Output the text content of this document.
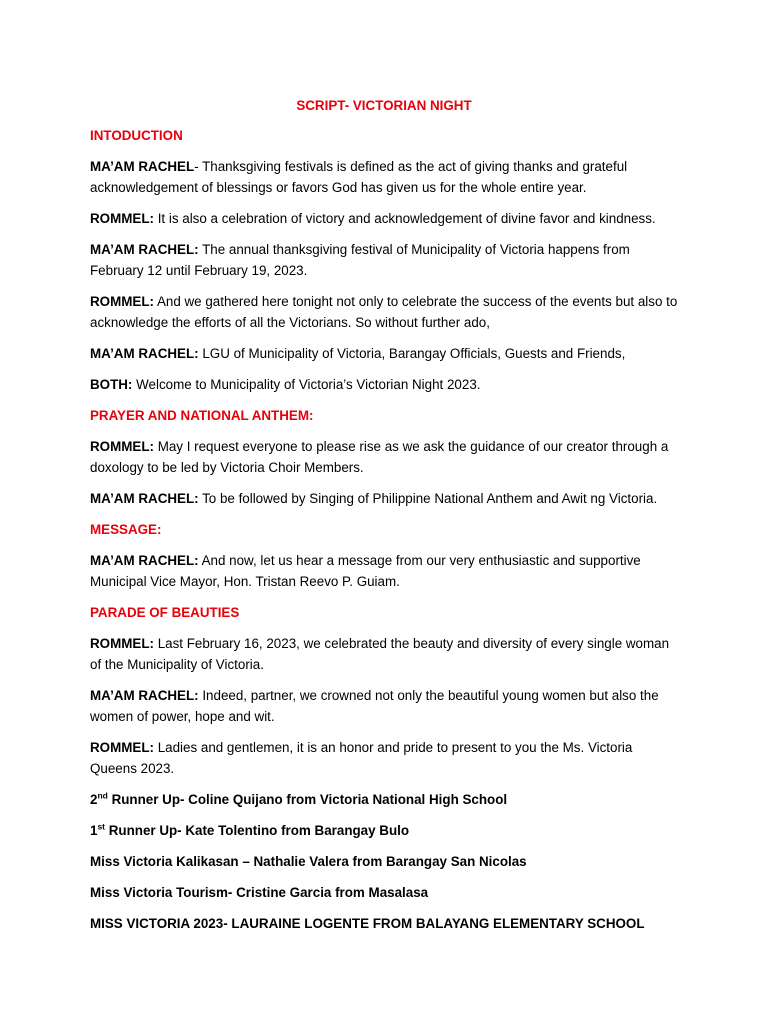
SCRIPT- VICTORIAN NIGHT
INTODUCTION
MA’AM RACHEL- Thanksgiving festivals is defined as the act of giving thanks and grateful acknowledgement of blessings or favors God has given us for the whole entire year.
ROMMEL: It is also a celebration of victory and acknowledgement of divine favor and kindness.
MA’AM RACHEL: The annual thanksgiving festival of Municipality of Victoria happens from February 12 until February 19, 2023.
ROMMEL: And we gathered here tonight not only to celebrate the success of the events but also to acknowledge the efforts of all the Victorians. So without further ado,
MA’AM RACHEL: LGU of Municipality of Victoria, Barangay Officials, Guests and Friends,
BOTH: Welcome to Municipality of Victoria’s Victorian Night 2023.
PRAYER AND NATIONAL ANTHEM:
ROMMEL: May I request everyone to please rise as we ask the guidance of our creator through a doxology to be led by Victoria Choir Members.
MA’AM RACHEL: To be followed by Singing of Philippine National Anthem and Awit ng Victoria.
MESSAGE:
MA’AM RACHEL: And now, let us hear a message from our very enthusiastic and supportive Municipal Vice Mayor, Hon. Tristan Reevo P. Guiam.
PARADE OF BEAUTIES
ROMMEL: Last February 16, 2023, we celebrated the beauty and diversity of every single woman of the Municipality of Victoria.
MA’AM RACHEL: Indeed, partner, we crowned not only the beautiful young women but also the women of power, hope and wit.
ROMMEL: Ladies and gentlemen, it is an honor and pride to present to you the Ms. Victoria Queens 2023.
2nd Runner Up- Coline Quijano from Victoria National High School
1st Runner Up- Kate Tolentino from Barangay Bulo
Miss Victoria Kalikasan – Nathalie Valera from Barangay San Nicolas
Miss Victoria Tourism- Cristine Garcia from Masalasa
MISS VICTORIA 2023- LAURAINE LOGENTE FROM BALAYANG ELEMENTARY SCHOOL
